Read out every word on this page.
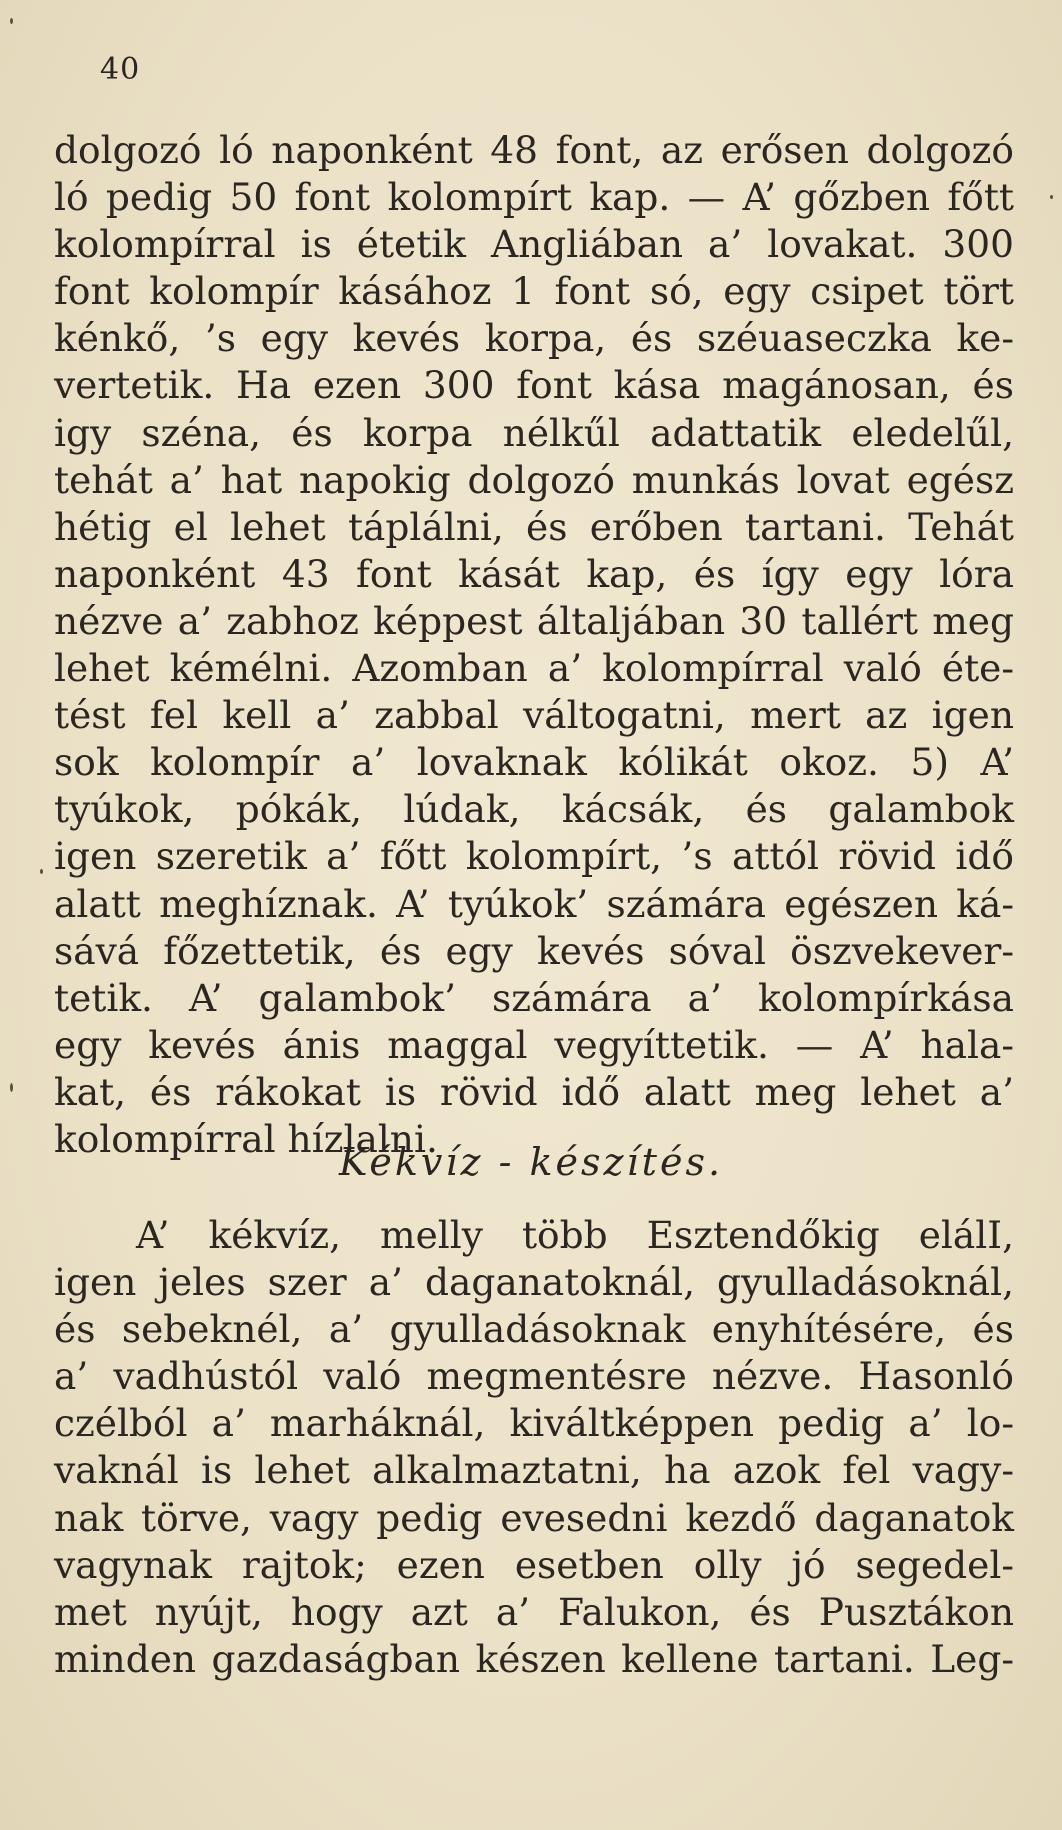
40
dolgozó ló naponként 48 font, az erősen dolgozó
ló pedig 50 font kolompírt kap. — A’ gőzben főtt
kolompírral is étetik Angliában a’ lovakat. 300
font kolompír kásához 1 font só, egy csipet tört
kénkő, ’s egy kevés korpa, és széuaseczka ke-
vertetik. Ha ezen 300 font kása magánosan, és
igy széna, és korpa nélkűl adattatik eledelűl,
tehát a’ hat napokig dolgozó munkás lovat egész
hétig el lehet táplálni, és erőben tartani. Tehát
naponként 43 font kását kap, és így egy lóra
nézve a’ zabhoz képpest általjában 30 tallért meg
lehet kémélni. Azomban a’ kolompírral való éte-
tést fel kell a’ zabbal váltogatni, mert az igen
sok kolompír a’ lovaknak kólikát okoz. 5) A’
tyúkok, pókák, lúdak, kácsák, és galambok
igen szeretik a’ főtt kolompírt, ’s attól rövid idő
alatt meghíznak. A’ tyúkok’ számára egészen ká-
sává főzettetik, és egy kevés sóval öszvekever-
tetik. A’ galambok’ számára a’ kolompírkása
egy kevés ánis maggal vegyíttetik. — A’ hala-
kat, és rákokat is rövid idő alatt meg lehet a’
kolompírral hízlalni.
Kékvíz - készítés.
A’ kékvíz, melly több Esztendőkig elálI,
igen jeles szer a’ daganatoknál, gyulladásoknál,
és sebeknél, a’ gyulladásoknak enyhítésére, és
a’ vadhústól való megmentésre nézve. Hasonló
czélból a’ marháknál, kiváltképpen pedig a’ lo-
vaknál is lehet alkalmaztatni, ha azok fel vagy-
nak törve, vagy pedig evesedni kezdő daganatok
vagynak rajtok; ezen esetben olly jó segedel-
met nyújt, hogy azt a’ Falukon, és Pusztákon
minden gazdaságban készen kellene tartani. Leg-
